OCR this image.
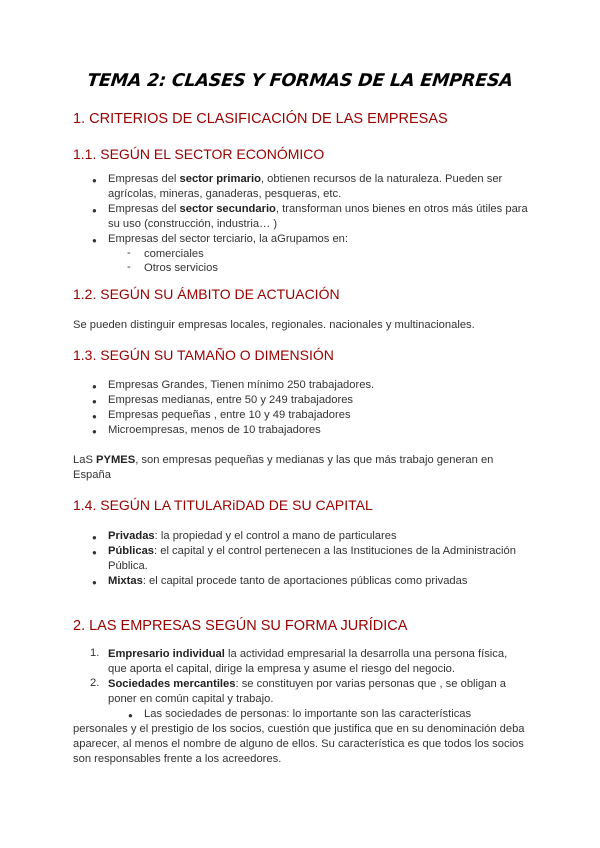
TEMA 2: CLASES Y FORMAS DE LA EMPRESA
1. CRITERIOS DE CLASIFICACIÓN DE LAS EMPRESAS
1.1. SEGÚN EL SECTOR ECONÓMICO
● Empresas del sector primario, obtienen recursos de la naturaleza. Pueden ser
agrícolas, mineras, ganaderas, pesqueras, etc.
● Empresas del sector secundario, transforman unos bienes en otros más útiles para
su uso (construcción, industria… )
● Empresas del sector terciario, la aGrupamos en:
- comerciales
- Otros servicios
1.2. SEGÚN SU ÁMBITO DE ACTUACIÓN
Se pueden distinguir empresas locales, regionales. nacionales y multinacionales.
1.3. SEGÚN SU TAMAÑO O DIMENSIÓN
● Empresas Grandes, Tienen mínimo 250 trabajadores.
● Empresas medianas, entre 50 y 249 trabajadores
● Empresas pequeñas , entre 10 y 49 trabajadores
● Microempresas, menos de 10 trabajadores
LaS PYMES, son empresas pequeñas y medianas y las que más trabajo generan en
España
1.4. SEGÚN LA TITULARiDAD DE SU CAPITAL
● Privadas: la propiedad y el control a mano de particulares
● Públicas: el capital y el control pertenecen a las Instituciones de la Administración
Pública.
● Mixtas: el capital procede tanto de aportaciones públicas como privadas
2. LAS EMPRESAS SEGÚN SU FORMA JURÍDICA
1. Empresario individual la actividad empresarial la desarrolla una persona física,
que aporta el capital, dirige la empresa y asume el riesgo del negocio.
2. Sociedades mercantiles: se constituyen por varias personas que , se obligan a
poner en común capital y trabajo.
● Las sociedades de personas: lo importante son las características
personales y el prestigio de los socios, cuestión que justifica que en su denominación deba
aparecer, al menos el nombre de alguno de ellos. Su característica es que todos los socios
son responsables frente a los acreedores.
